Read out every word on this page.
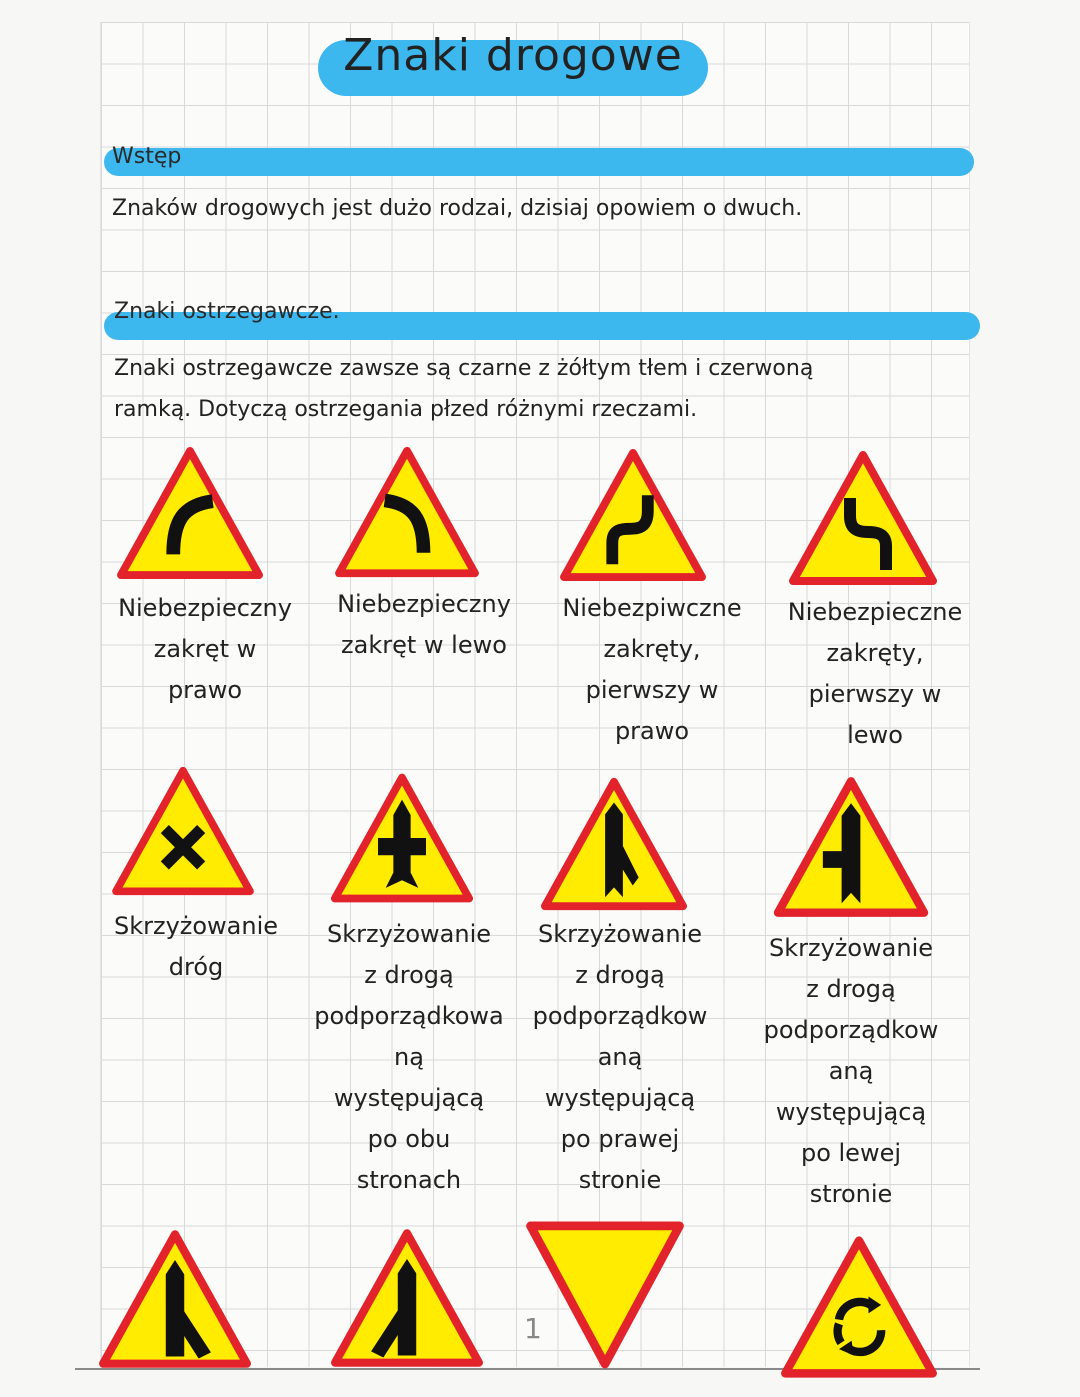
Znaki drogowe
Wstęp
Znaków drogowych jest dużo rodzai, dzisiaj opowiem o dwuch.
Znaki ostrzegawcze.
Znaki ostrzegawcze zawsze są czarne z żółtym tłem i czerwoną
ramką. Dotyczą ostrzegania płzed różnymi rzeczami.
Niebezpieczny
zakręt w
prawo
Niebezpieczny
zakręt w lewo
Niebezpiwczne
zakręty,
pierwszy w
prawo
Niebezpieczne
zakręty,
pierwszy w
lewo
Skrzyżowanie
dróg
Skrzyżowanie
z drogą
podporządkowa
ną
występującą
po obu
stronach
Skrzyżowanie
z drogą
podporządkow
aną
występującą
po prawej
stronie
Skrzyżowanie
z drogą
podporządkow
aną
występującą
po lewej
stronie
1
